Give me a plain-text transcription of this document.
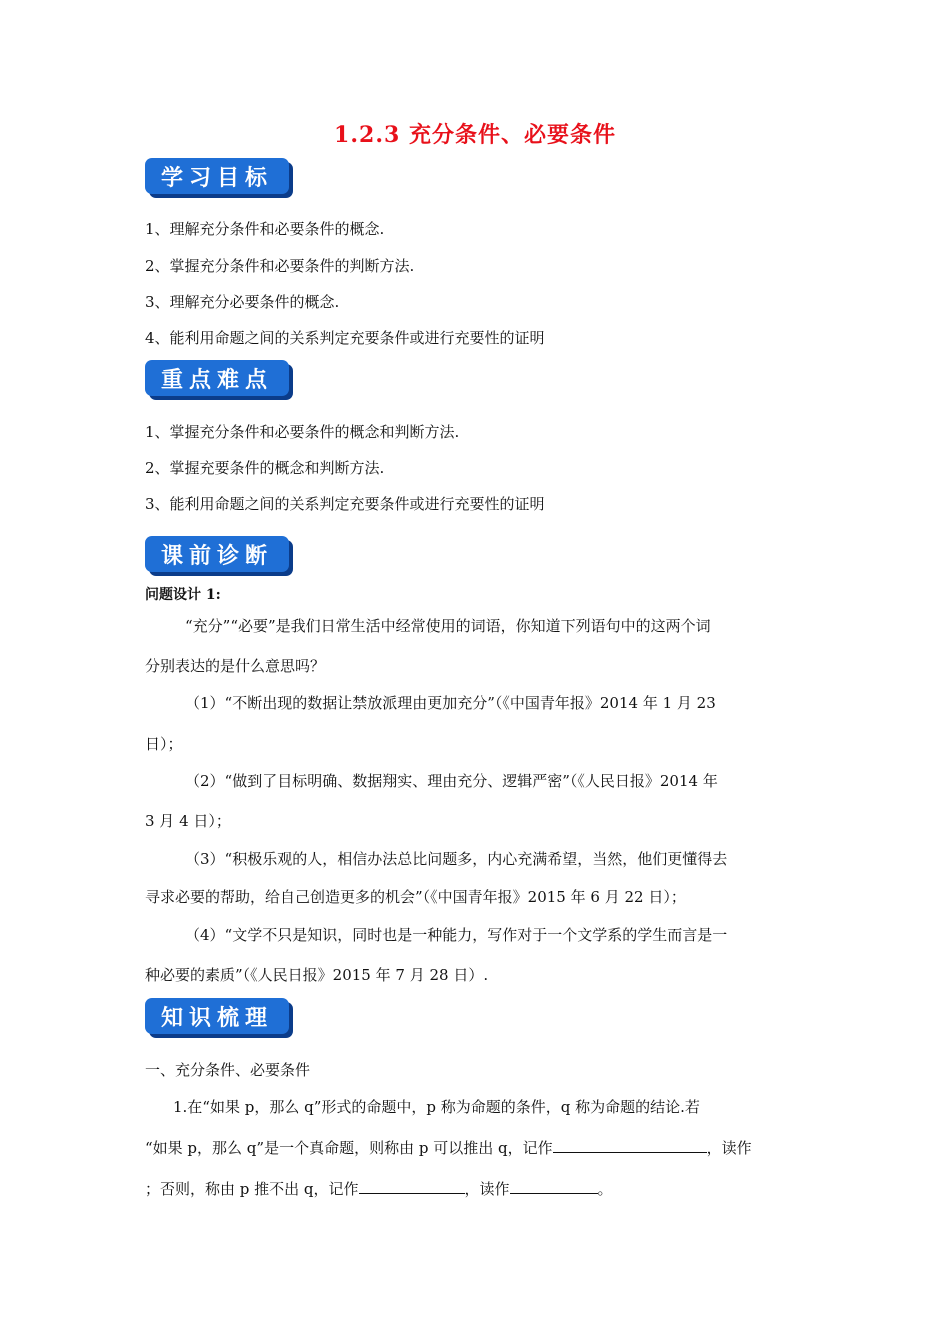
1.2.3 充分条件、必要条件
学习目标
1、理解充分条件和必要条件的概念.
2、掌握充分条件和必要条件的判断方法.
3、理解充分必要条件的概念.
4、能利用命题之间的关系判定充要条件或进行充要性的证明
重点难点
1、掌握充分条件和必要条件的概念和判断方法.
2、掌握充要条件的概念和判断方法.
3、能利用命题之间的关系判定充要条件或进行充要性的证明
课前诊断
问题设计 1:
“充分”“必要”是我们日常生活中经常使用的词语，你知道下列语句中的这两个词
分别表达的是什么意思吗？
（1）“不断出现的数据让禁放派理由更加充分”（《中国青年报》2014 年 1 月 23
日）；
（2）“做到了目标明确、数据翔实、理由充分、逻辑严密”（《人民日报》2014 年
3 月 4 日）；
（3）“积极乐观的人，相信办法总比问题多，内心充满希望，当然，他们更懂得去
寻求必要的帮助，给自己创造更多的机会”（《中国青年报》2015 年 6 月 22 日）；
（4）“文学不只是知识，同时也是一种能力，写作对于一个文学系的学生而言是一
种必要的素质”（《人民日报》2015 年 7 月 28 日）.
知识梳理
一、充分条件、必要条件
1.在“如果 p，那么 q”形式的命题中，p 称为命题的条件，q 称为命题的结论.若
“如果 p，那么 q”是一个真命题，则称由 p 可以推出 q，记作	，读作
；否则，称由 p 推不出 q，记作	，读作	。
